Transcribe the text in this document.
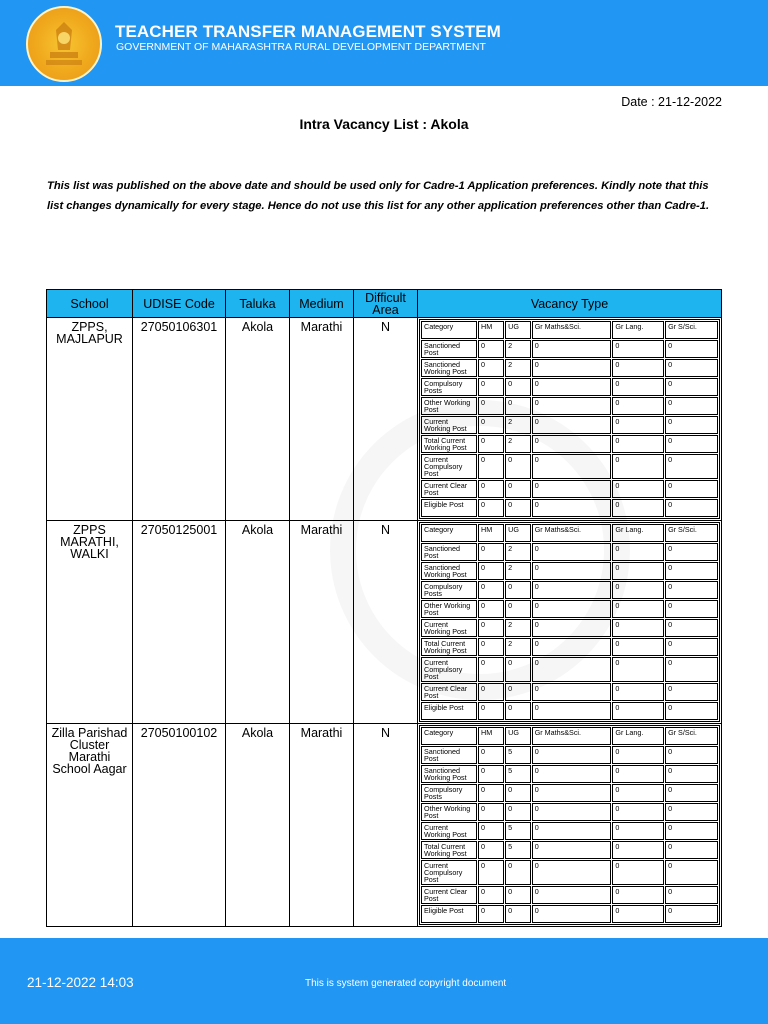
TEACHER TRANSFER MANAGEMENT SYSTEM
GOVERNMENT OF MAHARASHTRA RURAL DEVELOPMENT DEPARTMENT
Date : 21-12-2022
Intra Vacancy List : Akola
This list was published on the above date and should be used only for Cadre-1 Application preferences. Kindly note that this list changes dynamically for every stage. Hence do not use this list for any other application preferences other than Cadre-1.
School	UDISE Code	Taluka	Medium	Difficult Area	Vacancy Type
ZPPS, MAJLAPUR	27050106301	Akola	Marathi	N		Category	HM	UG	Gr Maths&Sci.	Gr Lang.	Gr S/Sci.
Sanctioned Post	0	2	0	0	0
Sanctioned Working Post	0	2	0	0	0
Compulsory Posts	0	0	0	0	0
Other Working Post	0	0	0	0	0
Current Working Post	0	2	0	0	0
Total Current Working Post	0	2	0	0	0
Current Compulsory Post	0	0	0	0	0
Current Clear Post	0	0	0	0	0
Eligible Post	0	0	0	0	0

ZPPS MARATHI, WALKI	27050125001	Akola	Marathi	N		Category	HM	UG	Gr Maths&Sci.	Gr Lang.	Gr S/Sci.
Sanctioned Post	0	2	0	0	0
Sanctioned Working Post	0	2	0	0	0
Compulsory Posts	0	0	0	0	0
Other Working Post	0	0	0	0	0
Current Working Post	0	2	0	0	0
Total Current Working Post	0	2	0	0	0
Current Compulsory Post	0	0	0	0	0
Current Clear Post	0	0	0	0	0
Eligible Post	0	0	0	0	0

Zilla Parishad Cluster Marathi School Aagar	27050100102	Akola	Marathi	N		Category	HM	UG	Gr Maths&Sci.	Gr Lang.	Gr S/Sci.
Sanctioned Post	0	5	0	0	0
Sanctioned Working Post	0	5	0	0	0
Compulsory Posts	0	0	0	0	0
Other Working Post	0	0	0	0	0
Current Working Post	0	5	0	0	0
Total Current Working Post	0	5	0	0	0
Current Compulsory Post	0	0	0	0	0
Current Clear Post	0	0	0	0	0
Eligible Post	0	0	0	0	0
21-12-2022 14:03	This is system generated copyright document
